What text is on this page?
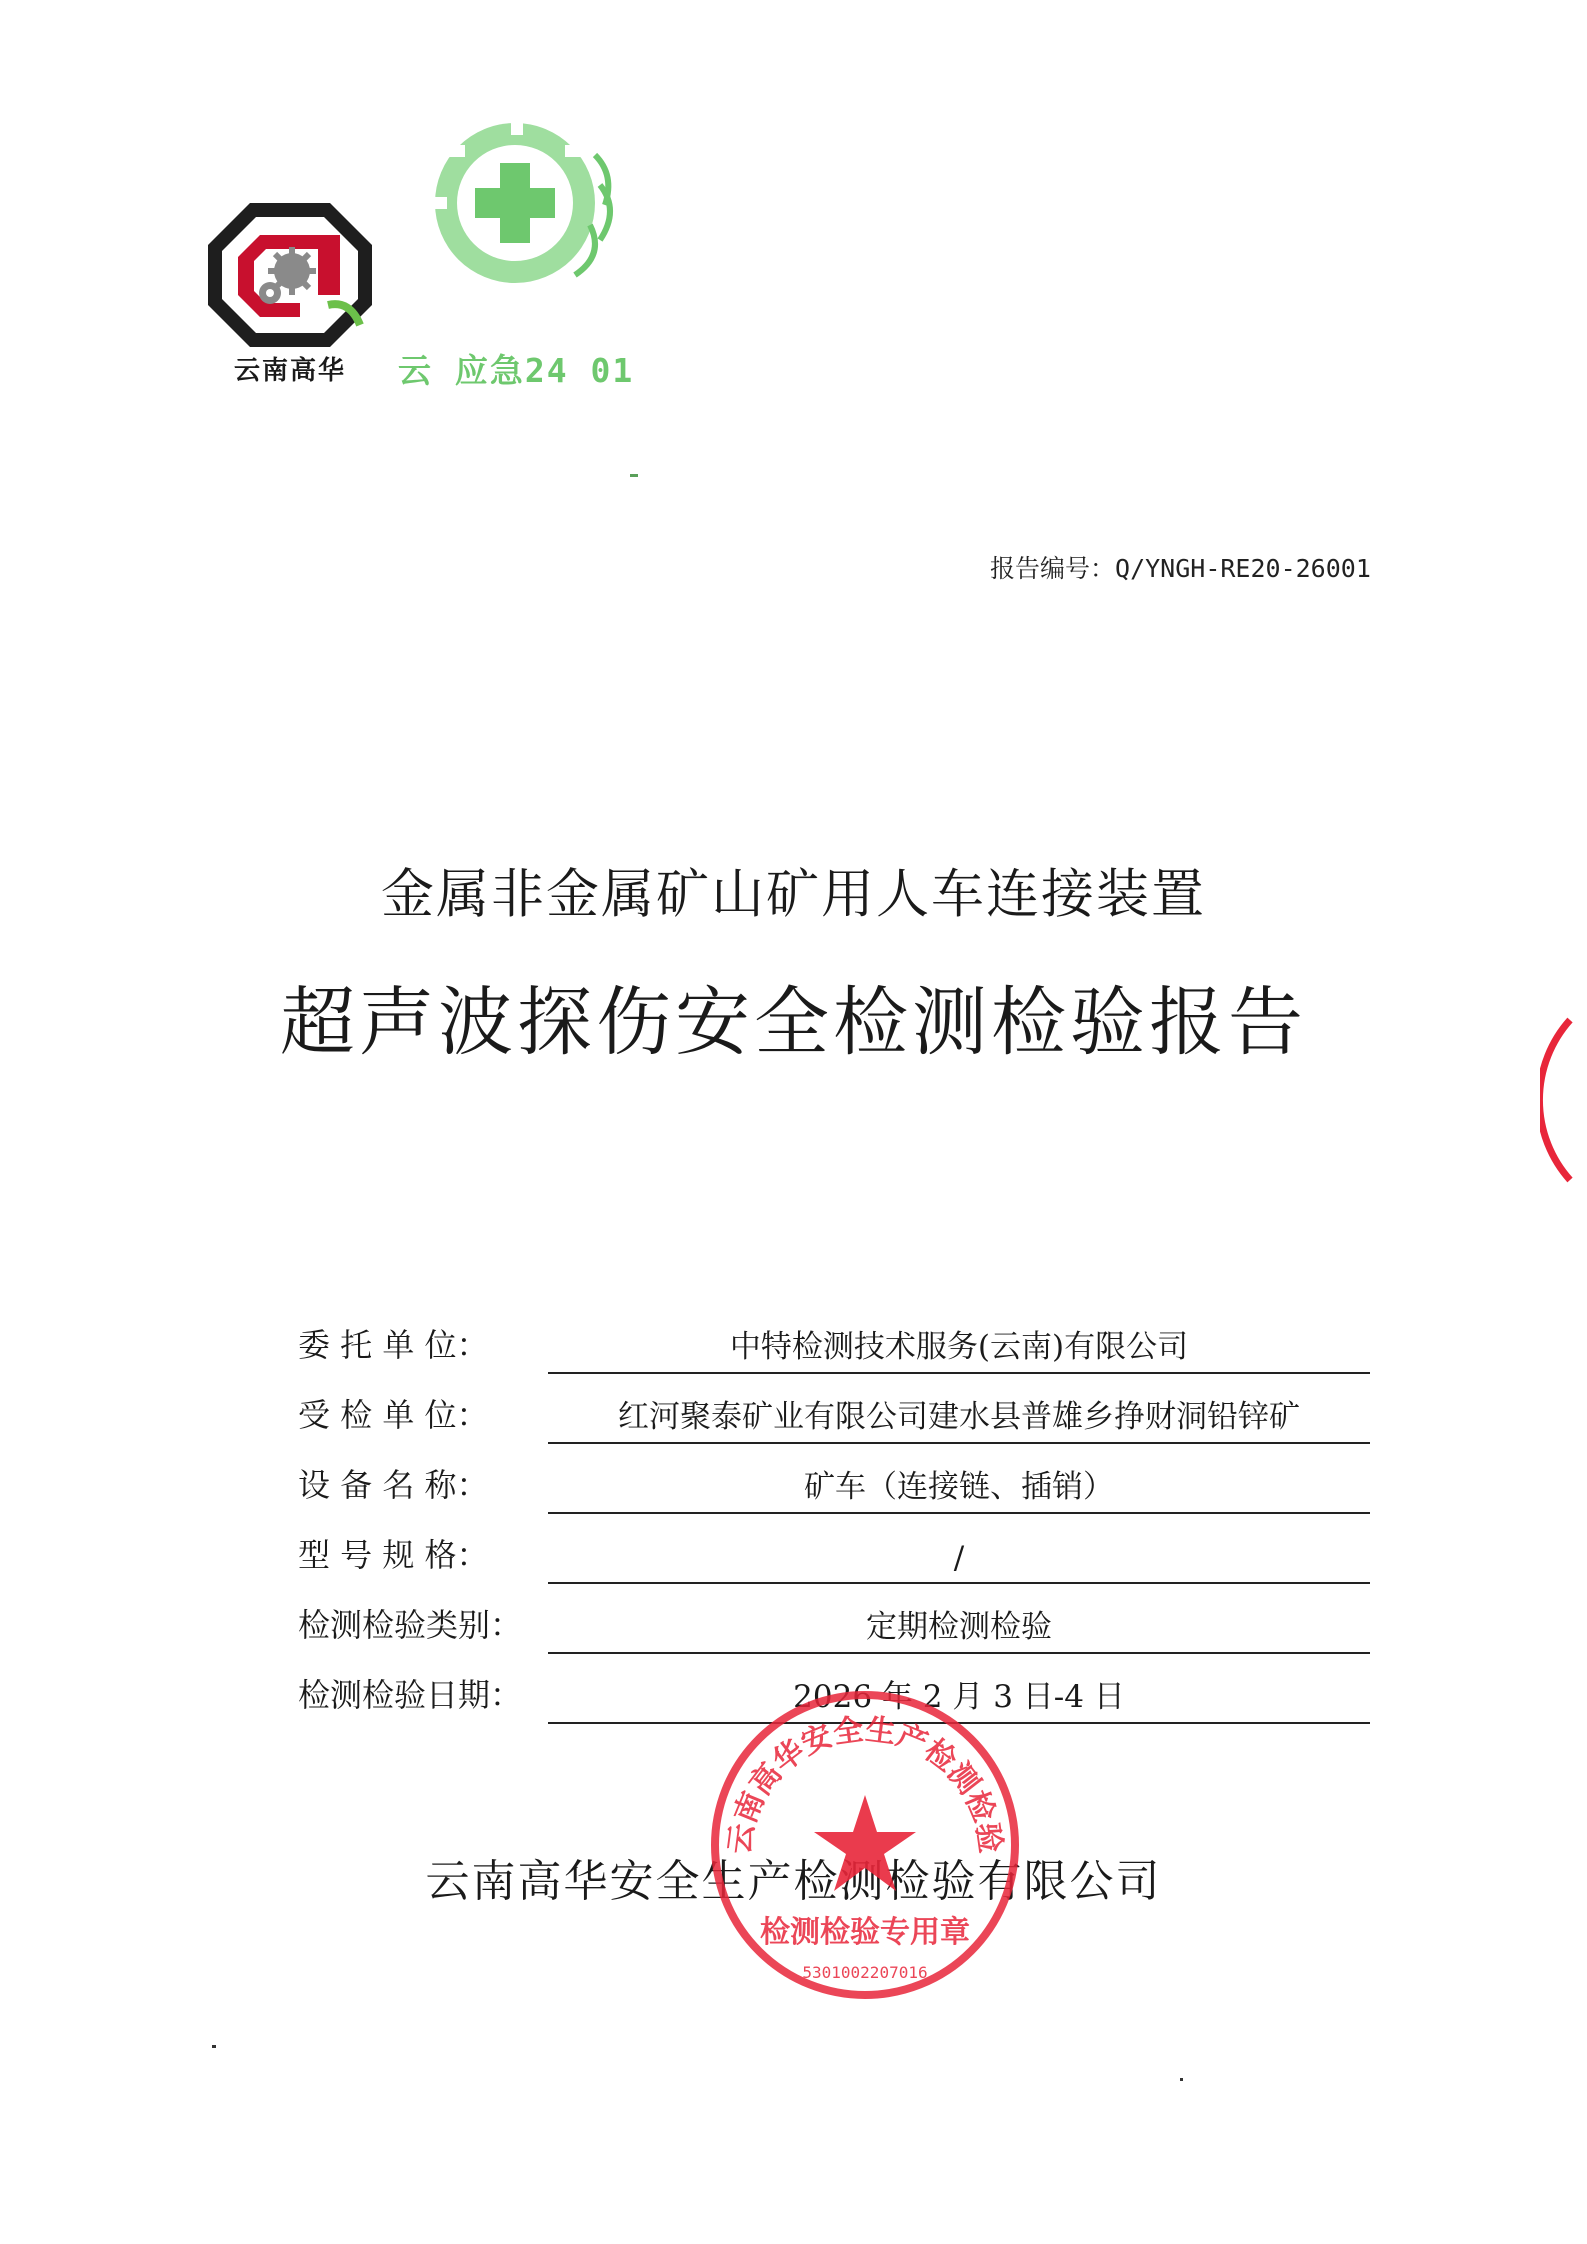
云南高华	云 应急24 01
报告编号：Q/YNGH-RE20-26001
金属非金属矿山矿用人车连接装置
超声波探伤安全检测检验报告
委 托 单 位：	中特检测技术服务(云南)有限公司
受 检 单 位：	红河聚泰矿业有限公司建水县普雄乡挣财洞铅锌矿
设 备 名 称：	矿车（连接链、插销）
型 号 规 格：	/
检测检验类别：	定期检测检验
检测检验日期：	2026 年 2 月 3 日-4 日
云南高华安全生产检测检验有限公司
云南高华安全生产检测检验
检测检验专用章
5301002207016
